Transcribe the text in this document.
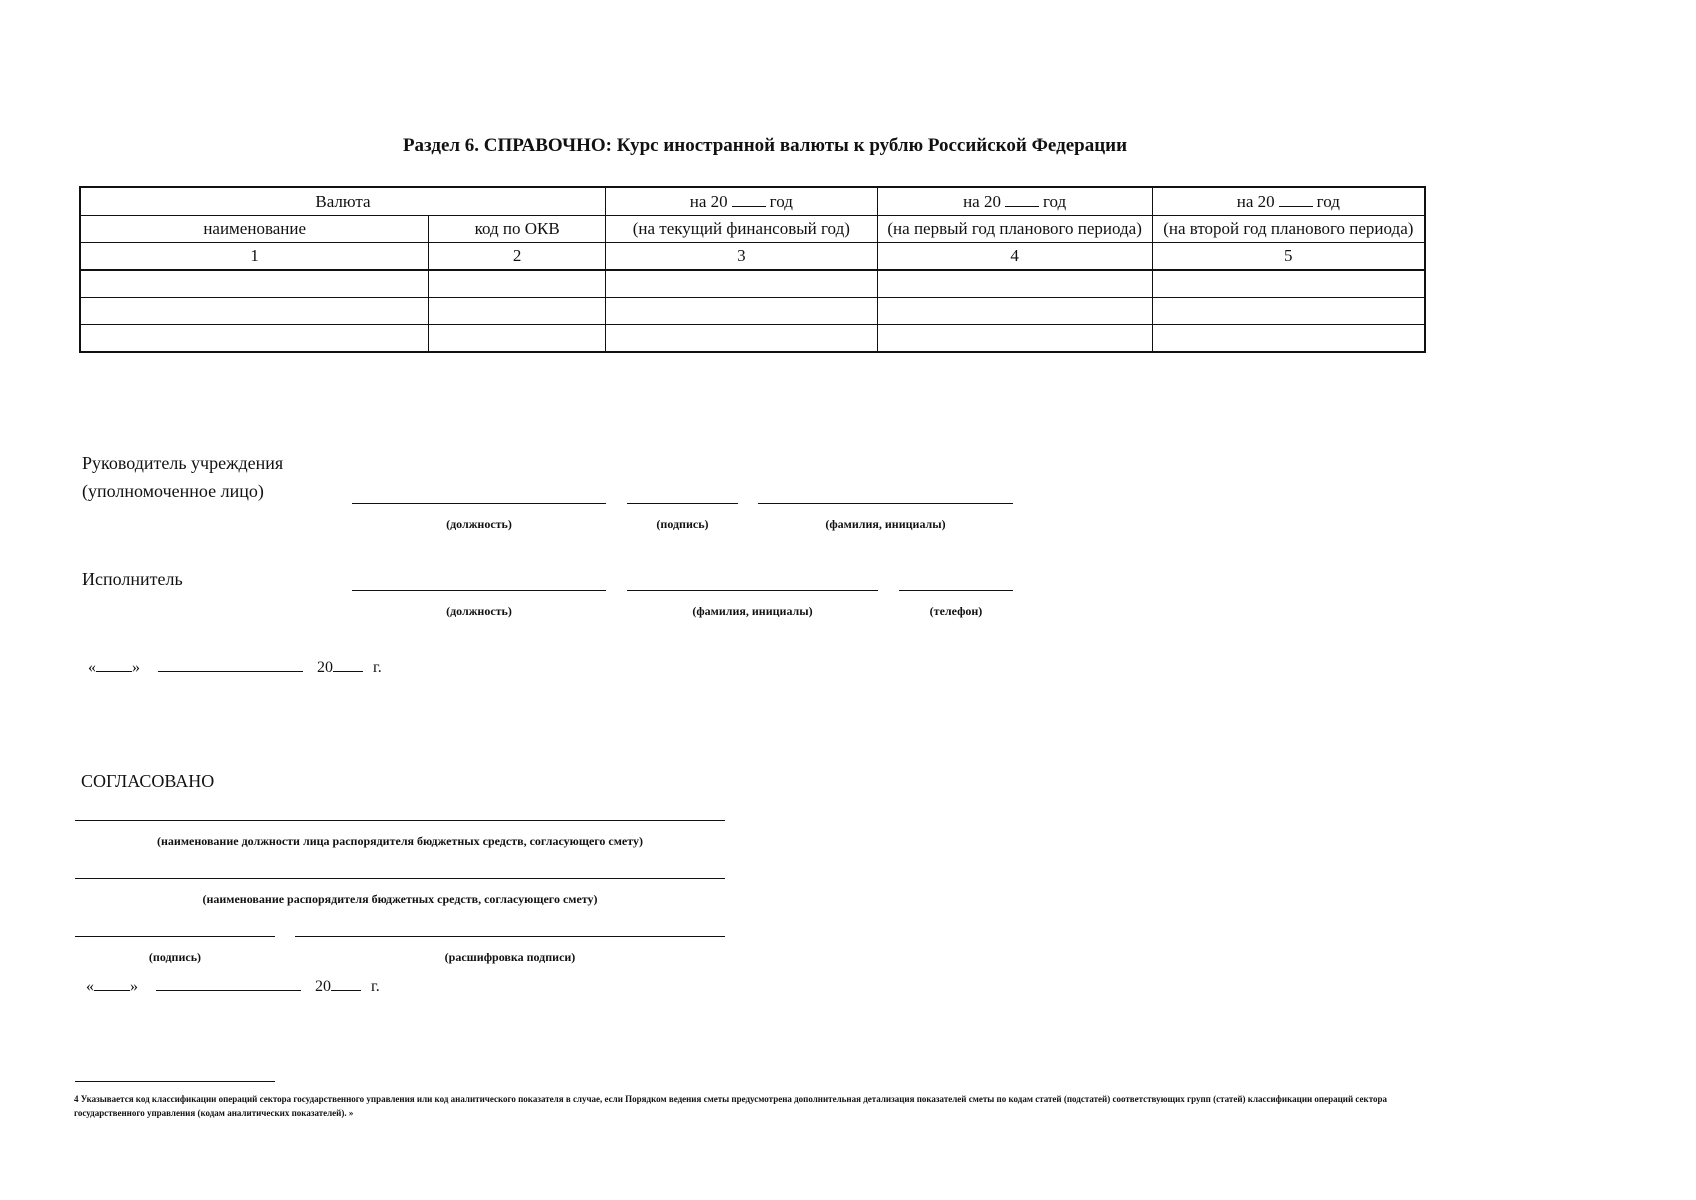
Раздел 6. СПРАВОЧНО: Курс иностранной валюты к рублю Российской Федерации
Валюта		на 20 год	на 20 год	на 20 год
наименование	код по ОКВ	(на текущий финансовый год)	(на первый год планового периода)	(на второй год планового периода)
1	2	3	4	5

Руководитель учреждения
(уполномоченное лицо)
(должность)	(подпись)	(фамилия, инициалы)
Исполнитель
(должность)	(фамилия, инициалы)	(телефон)
« »	20	г.
СОГЛАСОВАНО
(наименование должности лица распорядителя бюджетных средств, согласующего смету)
(наименование распорядителя бюджетных средств, согласующего смету)
(подпись)	(расшифровка подписи)
« »	20	г.
4 Указывается код классификации операций сектора государственного управления или код аналитического показателя в случае, если Порядком ведения сметы предусмотрена дополнительная детализация показателей сметы по кодам статей (подстатей) соответствующих групп (статей) классификации операций сектора государственного управления (кодам аналитических показателей). »
